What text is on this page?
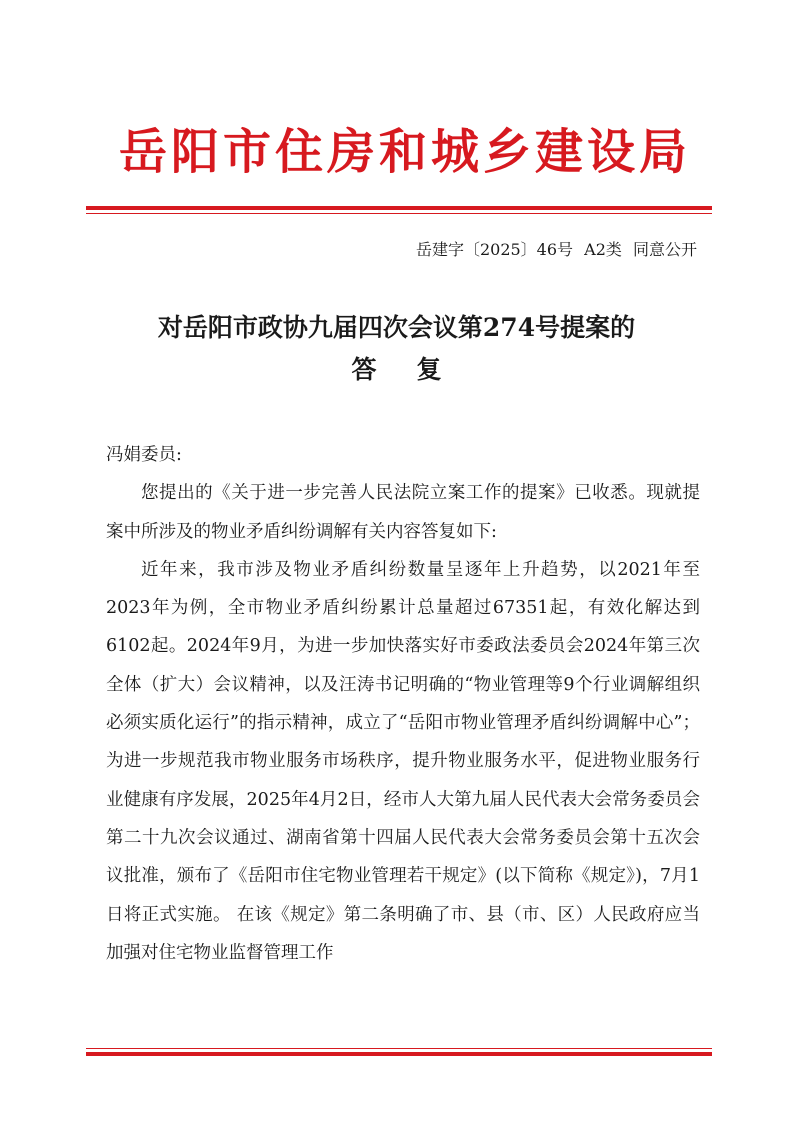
岳阳市住房和城乡建设局
岳建字〔2025〕46号 A2类 同意公开
对岳阳市政协九届四次会议第274号提案的
答复

冯娟委员:

您提出的《关于进一步完善人民法院立案工作的提案》已收悉。现就提案中所涉及的物业矛盾纠纷调解有关内容答复如下:

近年来，我市涉及物业矛盾纠纷数量呈逐年上升趋势，以2021年至2023年为例，全市物业矛盾纠纷累计总量超过67351起，有效化解达到6102起。2024年9月，为进一步加快落实好市委政法委员会2024年第三次全体（扩大）会议精神，以及汪涛书记明确的“物业管理等9个行业调解组织必须实质化运行”的指示精神，成立了“岳阳市物业管理矛盾纠纷调解中心”；为进一步规范我市物业服务市场秩序，提升物业服务水平，促进物业服务行业健康有序发展，2025年4月2日，经市人大第九届人民代表大会常务委员会第二十九次会议通过、湖南省第十四届人民代表大会常务委员会第十五次会议批准，颁布了《岳阳市住宅物业管理若干规定》(以下简称《规定》)，7月1日将正式实施。 在该《规定》第二条明确了市、县（市、区）人民政府应当加强对住宅物业监督管理工作
